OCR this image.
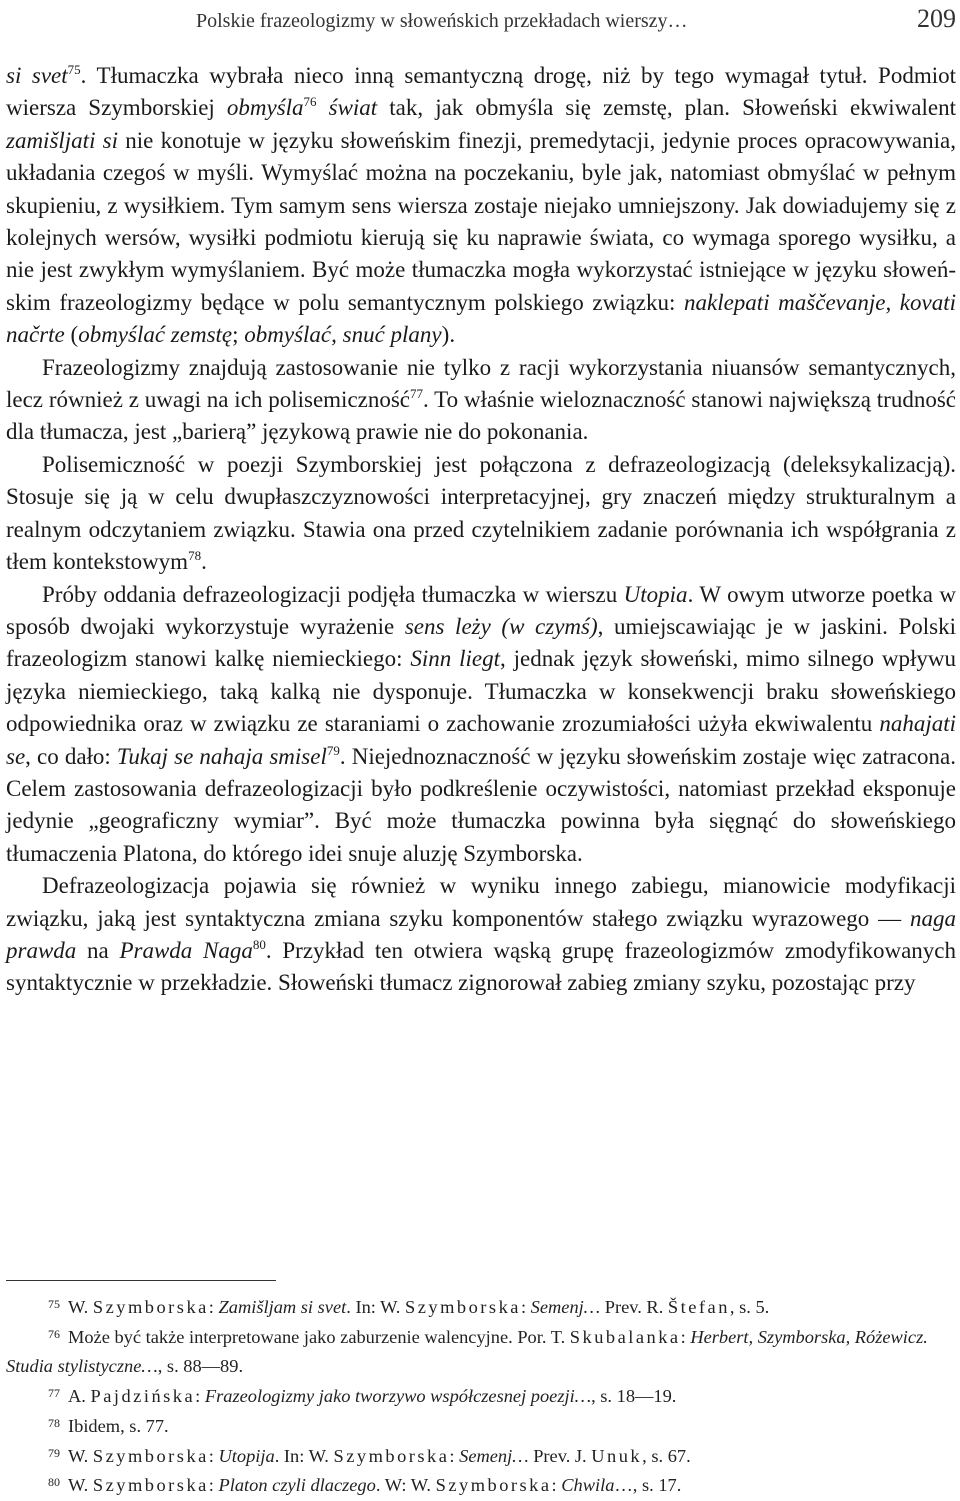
Polskie frazeologizmy w słoweńskich przekładach wierszy…	209

si svet$^{75}$. Tłumaczka wybrała nieco inną semantyczną drogę, niż by tego wymagał tytuł. Podmiot wiersza Szymborskiej obmyśla$^{76}$ świat tak, jak obmyśla się zemstę, plan. Słoweński ekwiwalent zamišljati si nie konotuje w języku słoweńskim finezji, premedytacji, jedynie proces opracowywania, układania czegoś w myśli. Wymyślać można na poczekaniu, byle jak, natomiast obmyślać w pełnym skupieniu, z wysiłkiem. Tym samym sens wiersza zostaje niejako umniejszony. Jak dowiadujemy się z kolejnych wersów, wysiłki podmiotu kierują się ku naprawie świata, co wymaga sporego wysiłku, a nie jest zwykłym wymyślaniem. Być może tłumaczka mogła wykorzystać istniejące w języku słoweńskim frazeologizmy będące w polu semantycznym polskiego związku: naklepati maščevanje, kovati načrte (obmyślać zemstę; obmyślać, snuć plany).

Frazeologizmy znajdują zastosowanie nie tylko z racji wykorzystania niuansów semantycznych, lecz również z uwagi na ich polisemiczność$^{77}$. To właśnie wieloznaczność stanowi największą trudność dla tłumacza, jest „barierą” językową prawie nie do pokonania.

Polisemiczność w poezji Szymborskiej jest połączona z defrazeologizacją (deleksykalizacją). Stosuje się ją w celu dwupłaszczyznowości interpretacyjnej, gry znaczeń między strukturalnym a realnym odczytaniem związku. Stawia ona przed czytelnikiem zadanie porównania ich współgrania z tłem kontekstowym$^{78}$.

Próby oddania defrazeologizacji podjęła tłumaczka w wierszu Utopia. W owym utworze poetka w sposób dwojaki wykorzystuje wyrażenie sens leży (w czymś), umiejscawiając je w jaskini. Polski frazeologizm stanowi kalkę niemieckiego: Sinn liegt, jednak język słoweński, mimo silnego wpływu języka niemieckiego, taką kalką nie dysponuje. Tłumaczka w konsekwencji braku słoweńskiego odpowiednika oraz w związku ze staraniami o zachowanie zrozumiałości użyła ekwiwalentu nahajati se, co dało: Tukaj se nahaja smisel$^{79}$. Niejednoznaczność w języku słoweńskim zostaje więc zatracona. Celem zastosowania defrazeologizacji było podkreślenie oczywistości, natomiast przekład eksponuje jedynie „geograficzny wymiar”. Być może tłumaczka powinna była sięgnąć do słoweńskiego tłumaczenia Platona, do którego idei snuje aluzję Szymborska.

Defrazeologizacja pojawia się również w wyniku innego zabiegu, mianowicie modyfikacji związku, jaką jest syntaktyczna zmiana szyku komponentów stałego związku wyrazowego — naga prawda na Prawda Naga$^{80}$. Przykład ten otwiera wąską grupę frazeologizmów zmodyfikowanych syntaktycznie w przekładzie. Słoweński tłumacz zignorował zabieg zmiany szyku, pozostając przy

$^{75}$ W. Szymborska: Zamišljam si svet. In: W. Szymborska: Semenj… Prev. R. Štefan, s. 5.
$^{76}$ Może być także interpretowane jako zaburzenie walencyjne. Por. T. Skubalanka: Herbert, Szymborska, Różewicz. Studia stylistyczne…, s. 88—89.
$^{77}$ A. Pajdzińska: Frazeologizmy jako tworzywo współczesnej poezji…, s. 18—19.
$^{78}$ Ibidem, s. 77.
$^{79}$ W. Szymborska: Utopija. In: W. Szymborska: Semenj… Prev. J. Unuk, s. 67.
$^{80}$ W. Szymborska: Platon czyli dlaczego. W: W. Szymborska: Chwila…, s. 17.
